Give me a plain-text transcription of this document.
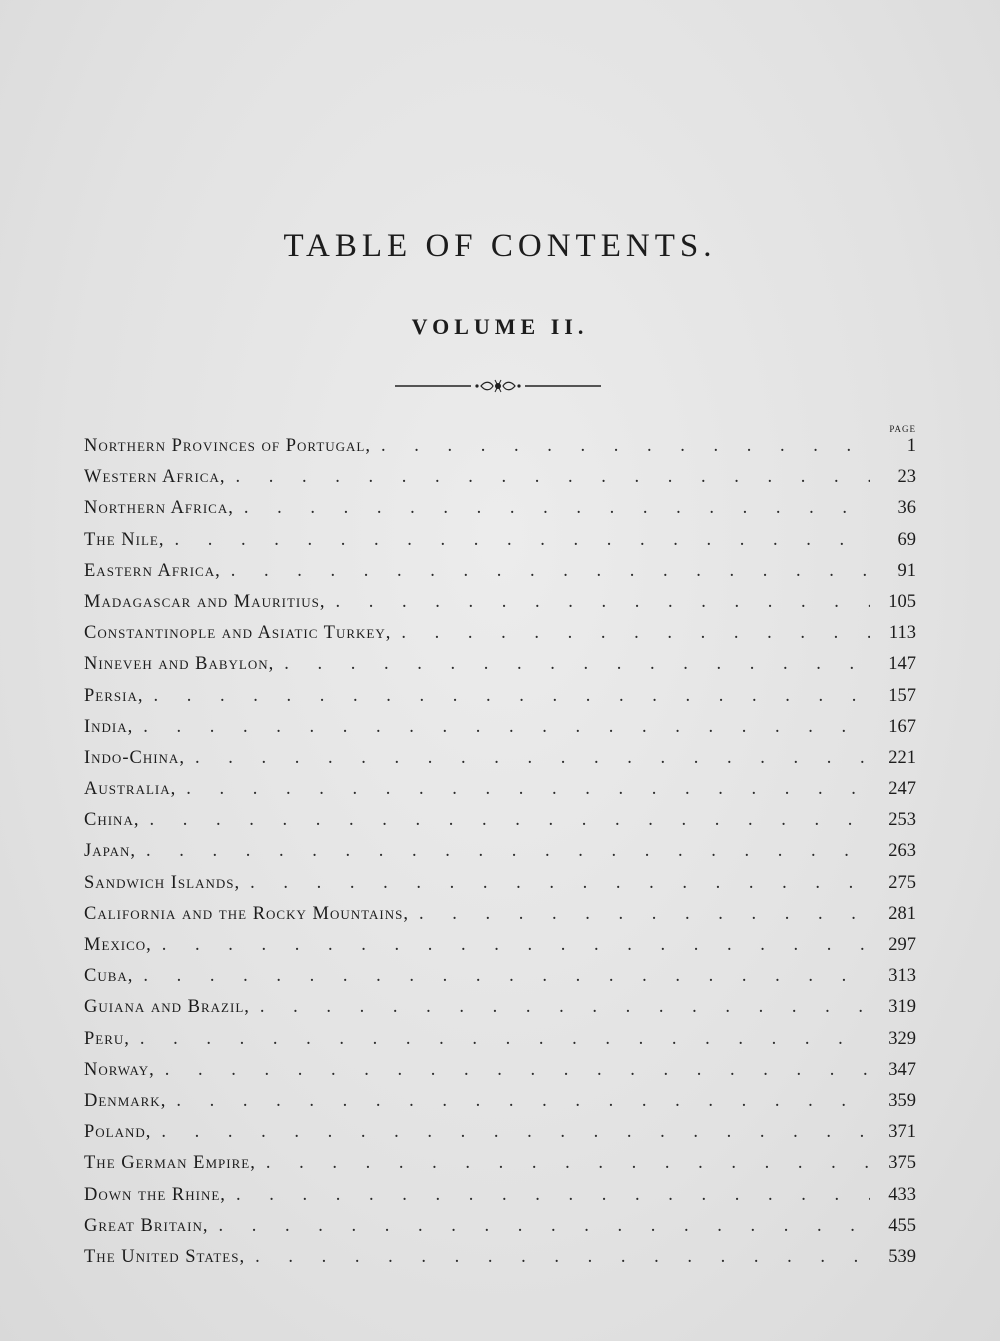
TABLE OF CONTENTS.
VOLUME II.
PAGE
Northern Provinces of Portugal, . . .	1
Western Africa, . . .	23
Northern Africa, . . .	36
The Nile, . . .	69
Eastern Africa, . . .	91
Madagascar and Mauritius, . . .	105
Constantinople and Asiatic Turkey, . . .	113
Nineveh and Babylon, . . .	147
Persia, . . .	157
India, . . .	167
Indo-China, . . .	221
Australia, . . .	247
China, . . .	253
Japan, . . .	263
Sandwich Islands, . . .	275
California and the Rocky Mountains, . . .	281
Mexico, . . .	297
Cuba, . . .	313
Guiana and Brazil, . . .	319
Peru, . . .	329
Norway, . . .	347
Denmark, . . .	359
Poland, . . .	371
The German Empire, . . .	375
Down the Rhine, . . .	433
Great Britain, . . .	455
The United States, . . .	539
